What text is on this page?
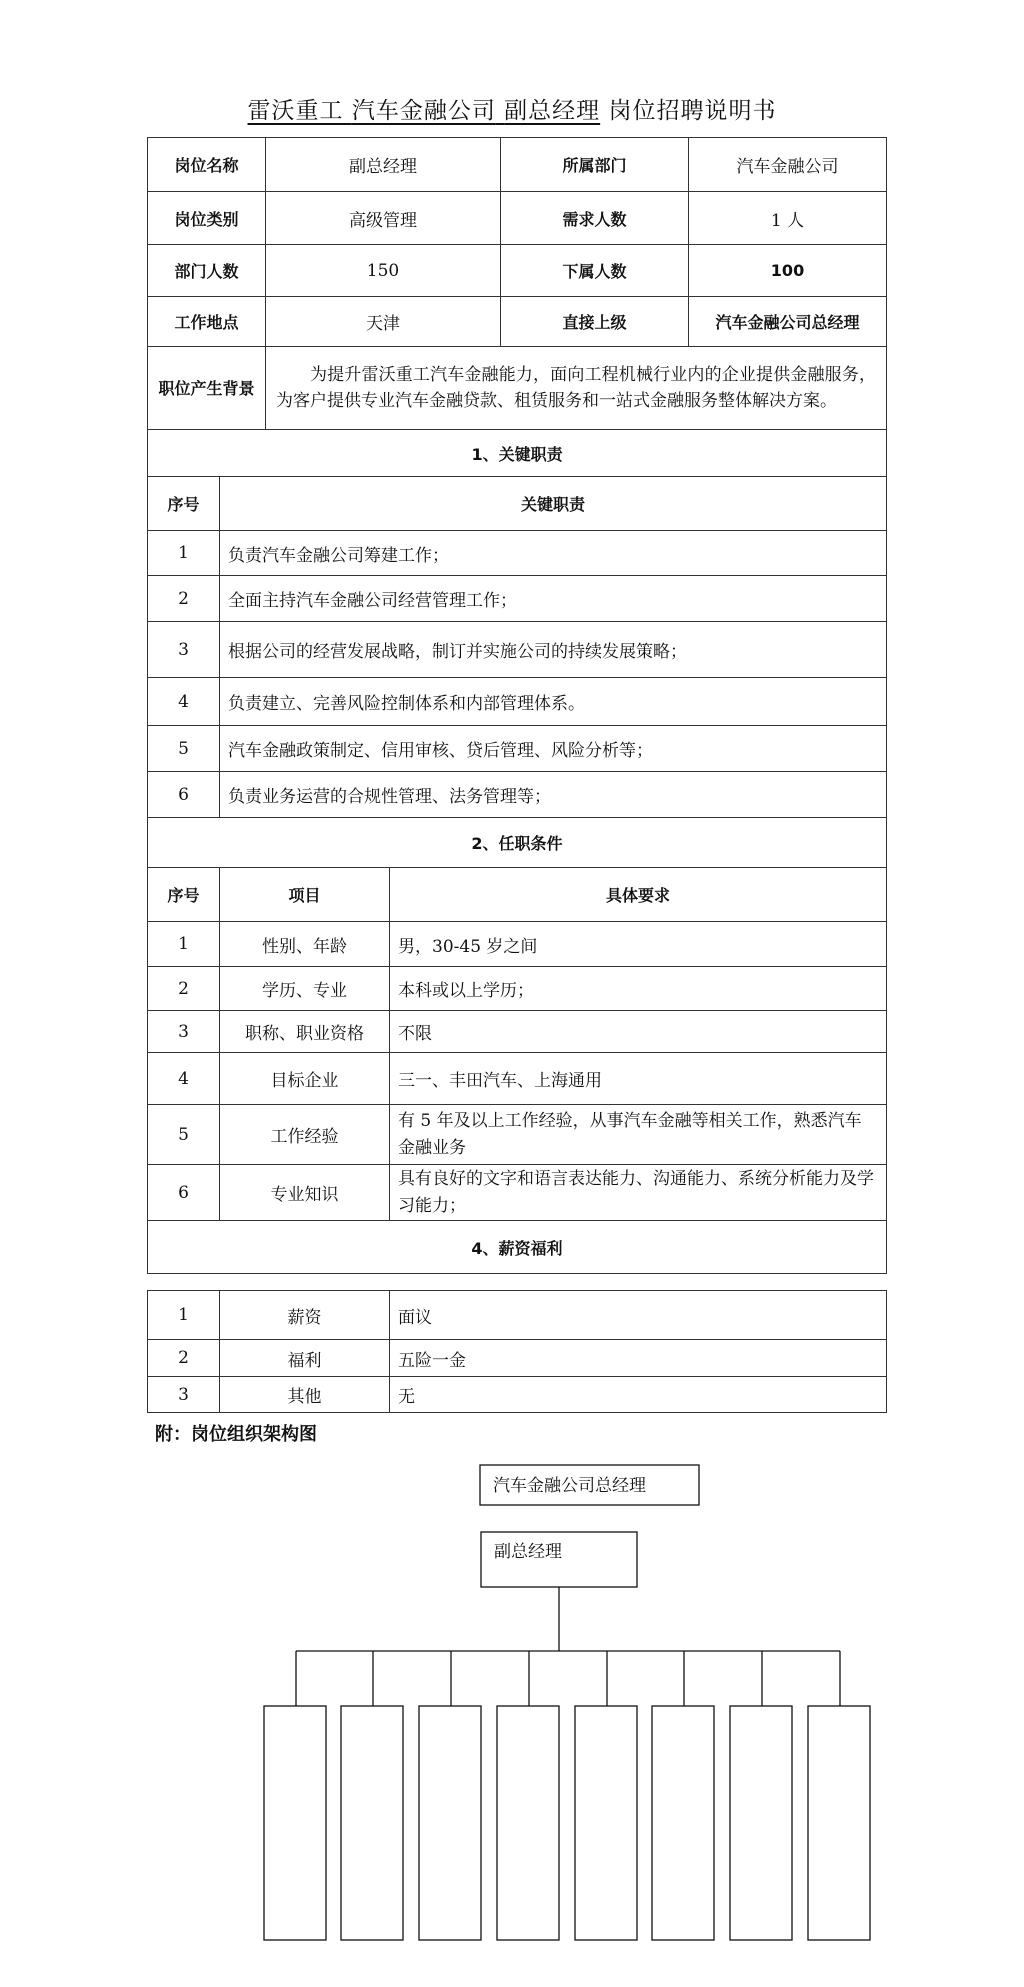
雷沃重工 汽车金融公司 副总经理 岗位招聘说明书
岗位名称	副总经理	所属部门	汽车金融公司
岗位类别	高级管理	需求人数	1 人
部门人数	150	下属人数	100
工作地点	天津	直接上级	汽车金融公司总经理
职位产生背景	为提升雷沃重工汽车金融能力，面向工程机械行业内的企业提供金融服务，为客户提供专业汽车金融贷款、租赁服务和一站式金融服务整体解决方案。
1、关键职责	
序号	关键职责
1	负责汽车金融公司筹建工作；
2	全面主持汽车金融公司经营管理工作；
3	根据公司的经营发展战略，制订并实施公司的持续发展策略；
4	负责建立、完善风险控制体系和内部管理体系。
5	汽车金融政策制定、信用审核、贷后管理、风险分析等；
6	负责业务运营的合规性管理、法务管理等；
2、任职条件		
序号	项目	具体要求
1	性别、年龄	男，30-45 岁之间
2	学历、专业	本科或以上学历；
3	职称、职业资格	不限
4	目标企业	三一、丰田汽车、上海通用
5	工作经验	有 5 年及以上工作经验，从事汽车金融等相关工作，熟悉汽车金融业务
6	专业知识	具有良好的文字和语言表达能力、沟通能力、系统分析能力及学习能力；
4、薪资福利		
1	薪资	面议
2	福利	五险一金
3	其他	无
附：岗位组织架构图
汽车金融公司总经理
副总经理
